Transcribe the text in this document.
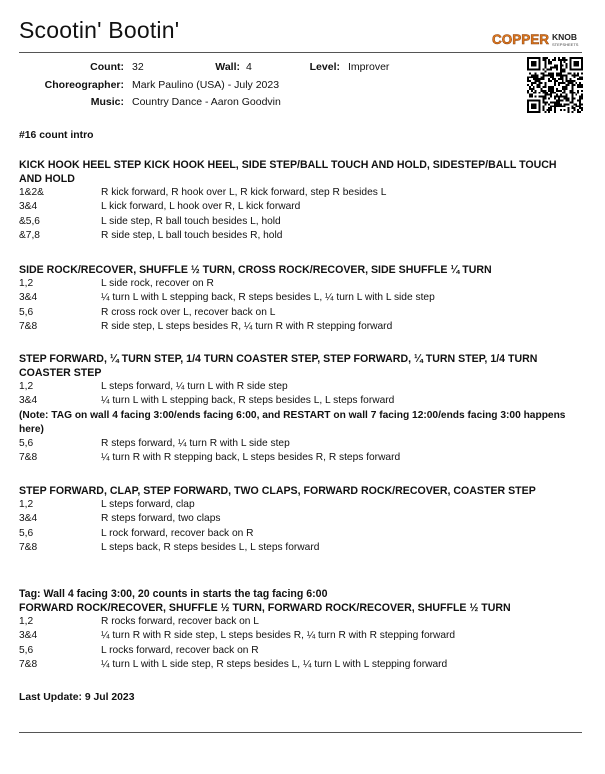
Scootin' Bootin'	COPPER KNOB
STEPSHEETS
Count: 32	Wall: 4	Level: Improver
Choreographer: Mark Paulino (USA) - July 2023
Music: Country Dance - Aaron Goodvin
#16 count intro

KICK HOOK HEEL STEP KICK HOOK HEEL, SIDE STEP/BALL TOUCH AND HOLD, SIDESTEP/BALL TOUCH AND HOLD

1&2&	R kick forward, R hook over L, R kick forward, step R besides L
3&4	L kick forward, L hook over R, L kick forward
&5,6	L side step, R ball touch besides L, hold
&7,8	R side step, L ball touch besides R, hold

SIDE ROCK/RECOVER, SHUFFLE ½ TURN, CROSS ROCK/RECOVER, SIDE SHUFFLE ¼ TURN

1,2	L side rock, recover on R
3&4	¼ turn L with L stepping back, R steps besides L, ¼ turn L with L side step
5,6	R cross rock over L, recover back on L
7&8	R side step, L steps besides R, ¼ turn R with R stepping forward

STEP FORWARD, ¼ TURN STEP, 1/4 TURN COASTER STEP, STEP FORWARD, ¼ TURN STEP, 1/4 TURN COASTER STEP

1,2	L steps forward, ¼ turn L with R side step
3&4	¼ turn L with L stepping back, R steps besides L, L steps forward

(Note: TAG on wall 4 facing 3:00/ends facing 6:00, and RESTART on wall 7 facing 12:00/ends facing 3:00 happens here)

5,6	R steps forward, ¼ turn R with L side step
7&8	¼ turn R with R stepping back, L steps besides R, R steps forward

STEP FORWARD, CLAP, STEP FORWARD, TWO CLAPS, FORWARD ROCK/RECOVER, COASTER STEP

1,2	L steps forward, clap
3&4	R steps forward, two claps
5,6	L rock forward, recover back on R
7&8	L steps back, R steps besides L, L steps forward

Tag: Wall 4 facing 3:00, 20 counts in starts the tag facing 6:00

FORWARD ROCK/RECOVER, SHUFFLE ½ TURN, FORWARD ROCK/RECOVER, SHUFFLE ½ TURN

1,2	R rocks forward, recover back on L
3&4	¼ turn R with R side step, L steps besides R, ¼ turn R with R stepping forward
5,6	L rocks forward, recover back on R
7&8	¼ turn L with L side step, R steps besides L, ¼ turn L with L stepping forward
Last Update: 9 Jul 2023
